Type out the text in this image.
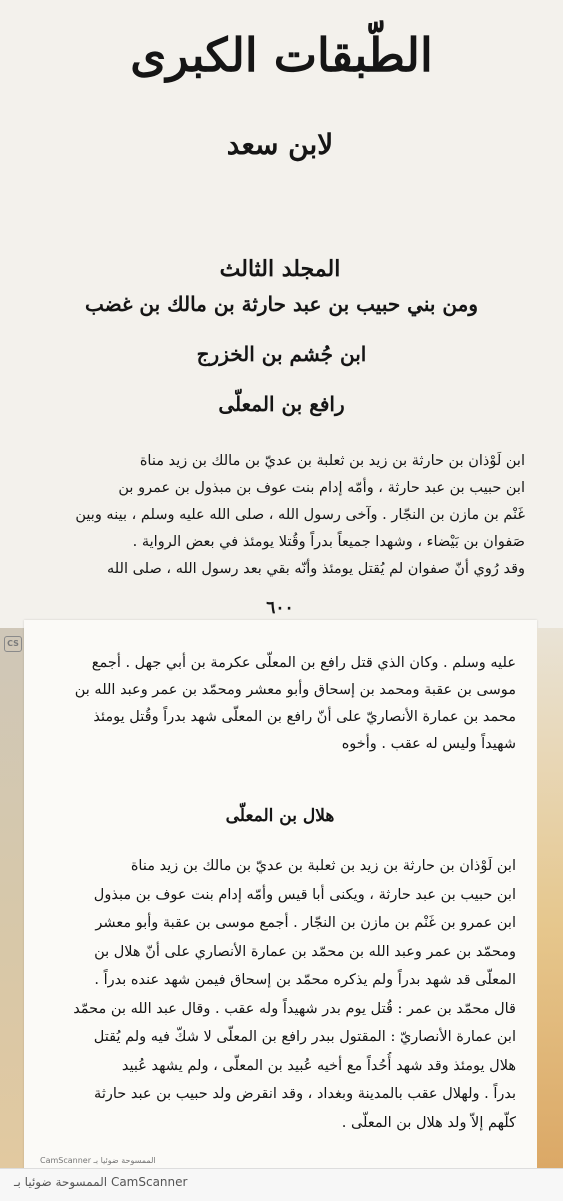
CS
الطّبقات الكبرى
لابن سعد
المجلد الثالث
ومن بني حبيب بن عبد حارثة بن مالك بن غضب
ابن جُشم بن الخزرج
رافع بن المعلّى

ابن لَوْذان بن حارثة بن زيد بن ثعلبة بن عديّ بن مالك بن زيد مناة

ابن حبيب بن عبد حارثة ، وأمّه إدام بنت عوف بن مبذول بن عمرو بن

غَنْم بن مازن بن النجّار . وآخى رسول الله ، صلى الله عليه وسلم ، بينه وبين

صَفوان بن بَيْضاء ، وشهدا جميعاً بدراً وقُتلا يومئذ في بعض الرواية .

وقد رُوي أنّ صفوان لم يُقتل يومئذ وأنّه بقي بعد رسول الله ، صلى الله

٦٠٠

عليه وسلم . وكان الذي قتل رافع بن المعلّى عكرمة بن أبي جهل . أجمع

موسى بن عقبة ومحمد بن إسحاق وأبو معشر ومحمّد بن عمر وعبد الله بن

محمد بن عمارة الأنصاريّ على أنّ رافع بن المعلّى شهد بدراً وقُتل يومئذ

شهيداً وليس له عقب . وأخوه

هلال بن المعلّى

ابن لَوْذان بن حارثة بن زيد بن ثعلبة بن عديّ بن مالك بن زيد مناة

ابن حبيب بن عبد حارثة ، ويكنى أبا قيس وأمّه إدام بنت عوف بن مبذول

ابن عمرو بن غَنْم بن مازن بن النجّار . أجمع موسى بن عقبة وأبو معشر

ومحمّد بن عمر وعبد الله بن محمّد بن عمارة الأنصاري على أنّ هلال بن

المعلّى قد شهد بدراً ولم يذكره محمّد بن إسحاق فيمن شهد عنده بدراً .

قال محمّد بن عمر : قُتل يوم بدر شهيداً وله عقب . وقال عبد الله بن محمّد

ابن عمارة الأنصاريّ : المقتول ببدر رافع بن المعلّى لا شكّ فيه ولم يُقتل

هلال يومئذ وقد شهد أُحُداً مع أخيه عُبيد بن المعلّى ، ولم يشهد عُبيد

بدراً . ولهلال عقب بالمدينة وبغداد ، وقد انقرض ولد حبيب بن عبد حارثة

كلّهم إلاّ ولد هلال بن المعلّى .

الممسوحة ضوئيا بـ CamScanner
CamScanner الممسوحة ضوئيا بـ
